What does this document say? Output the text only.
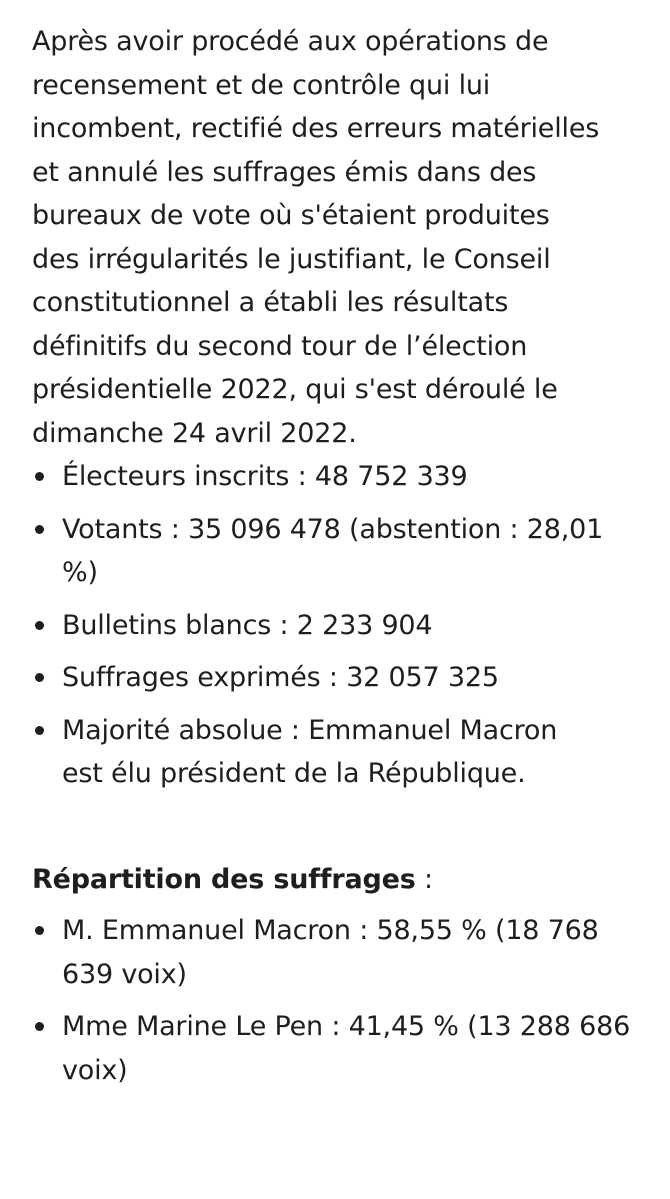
Après avoir procédé aux opérations de
recensement et de contrôle qui lui
incombent, rectifié des erreurs matérielles
et annulé les suffrages émis dans des
bureaux de vote où s'étaient produites
des irrégularités le justifiant, le Conseil
constitutionnel a établi les résultats
définitifs du second tour de l’élection
présidentielle 2022, qui s'est déroulé le
dimanche 24 avril 2022.

Électeurs inscrits : 48 752 339
Votants : 35 096 478 (abstention : 28,01
%)
Bulletins blancs : 2 233 904
Suffrages exprimés : 32 057 325
Majorité absolue : Emmanuel Macron
est élu président de la République.
Répartition des suffrages :
M. Emmanuel Macron : 58,55 % (18 768
639 voix)
Mme Marine Le Pen : 41,45 % (13 288 686
voix)
